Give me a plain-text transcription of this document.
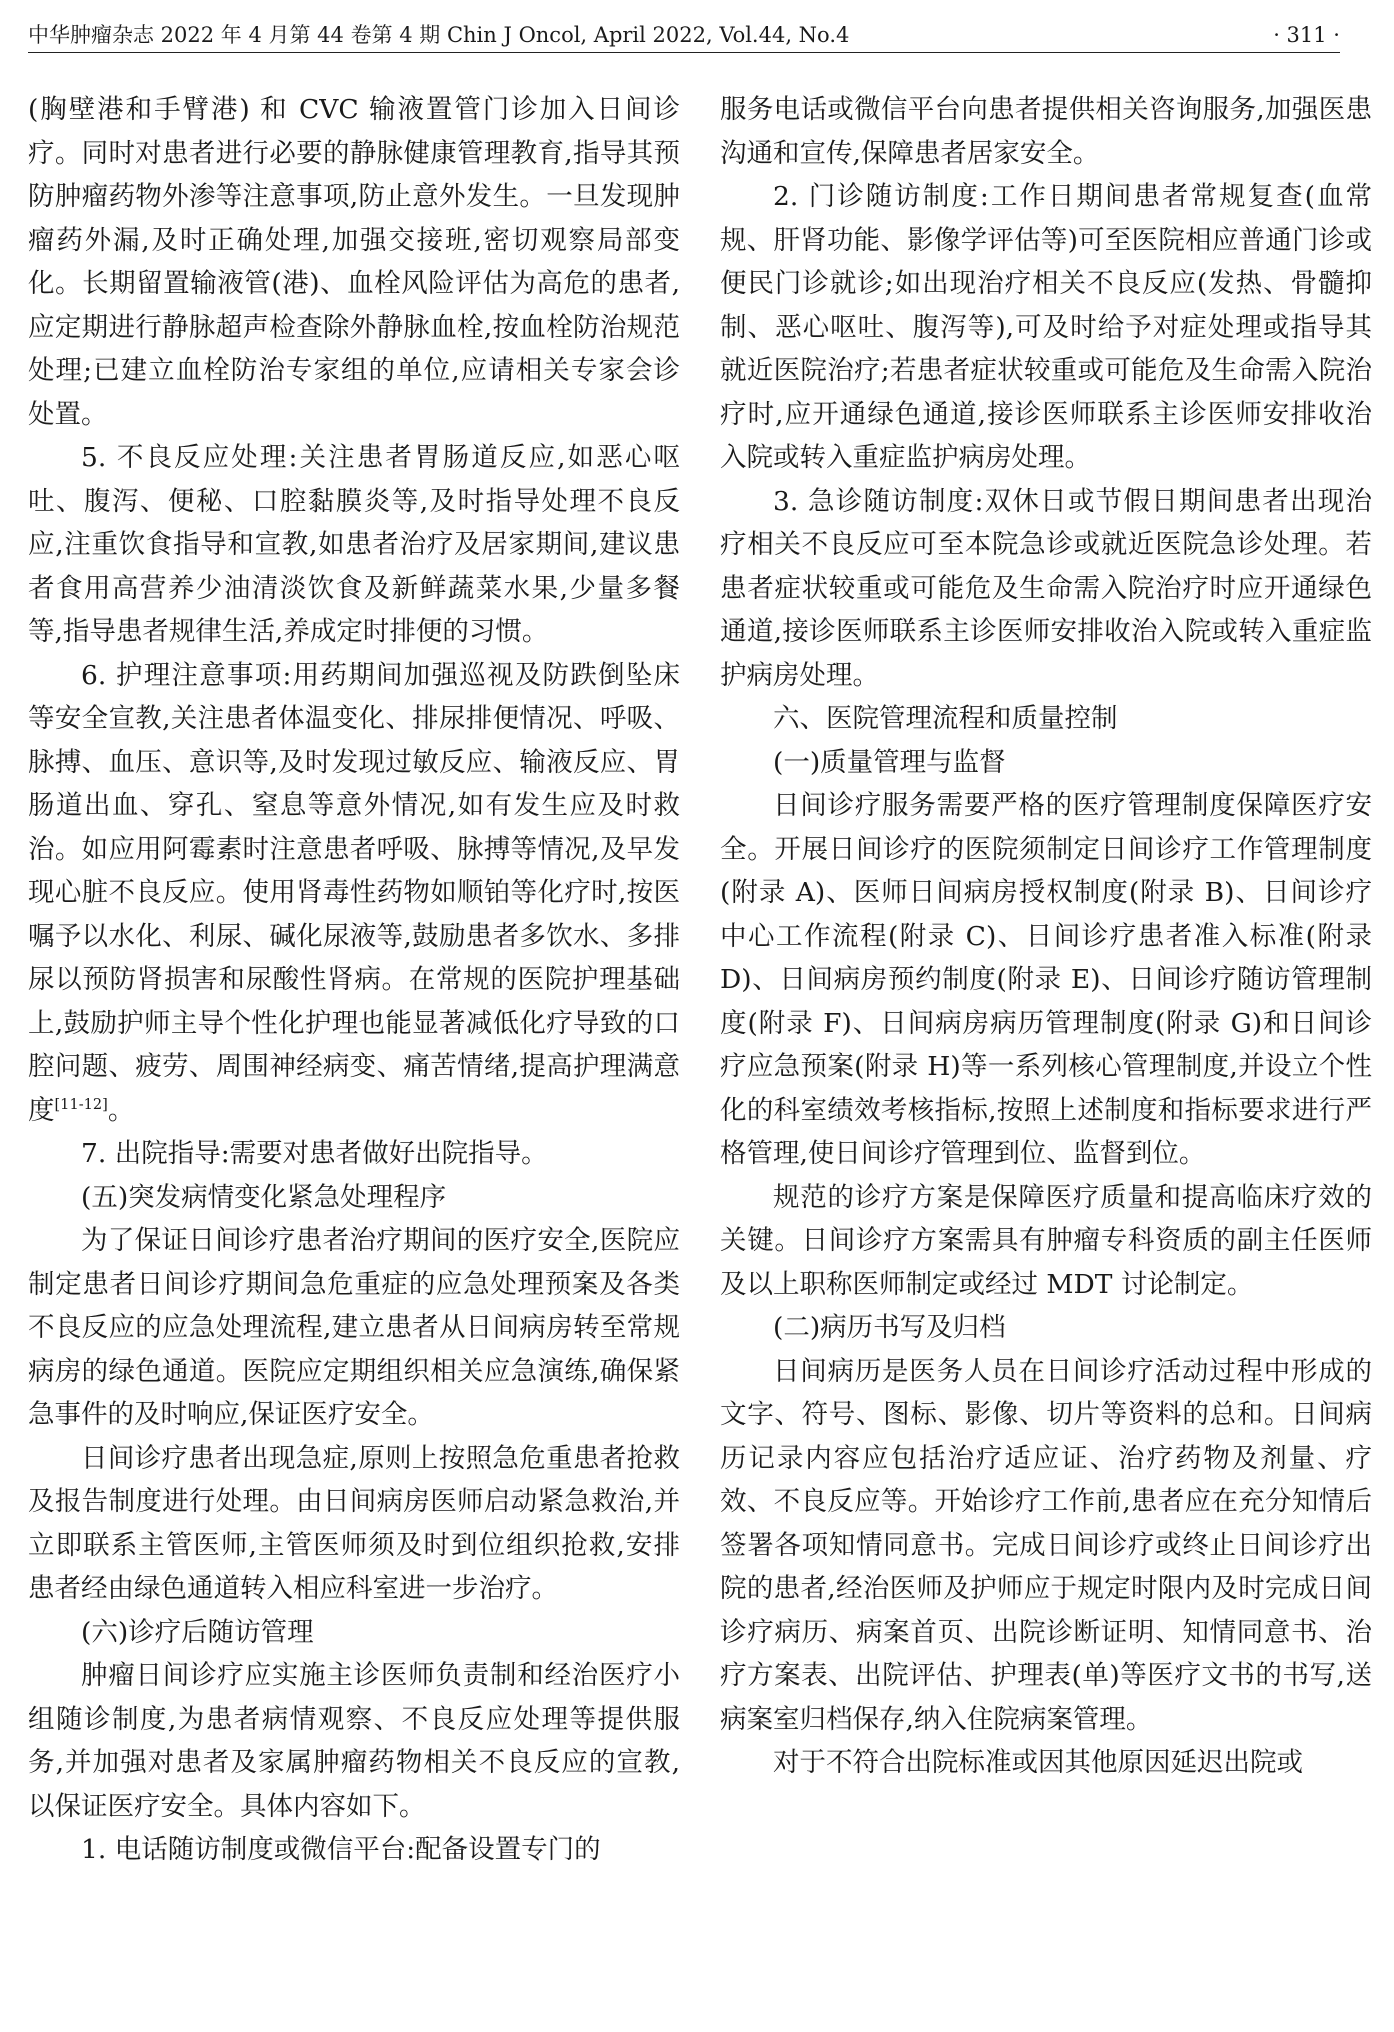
中华肿瘤杂志 2022 年 4 月第 44 卷第 4 期 Chin J Oncol, April 2022, Vol.44, No.4	· 311 ·

(胸壁港和手臂港) 和 CVC 输液置管门诊加入日间诊疗。同时对患者进行必要的静脉健康管理教育,指导其预防肿瘤药物外渗等注意事项,防止意外发生。一旦发现肿瘤药外漏,及时正确处理,加强交接班,密切观察局部变化。长期留置输液管(港)、血栓风险评估为高危的患者,应定期进行静脉超声检查除外静脉血栓,按血栓防治规范处理;已建立血栓防治专家组的单位,应请相关专家会诊处置。

5. 不良反应处理:关注患者胃肠道反应,如恶心呕吐、腹泻、便秘、口腔黏膜炎等,及时指导处理不良反应,注重饮食指导和宣教,如患者治疗及居家期间,建议患者食用高营养少油清淡饮食及新鲜蔬菜水果,少量多餐等,指导患者规律生活,养成定时排便的习惯。

6. 护理注意事项:用药期间加强巡视及防跌倒坠床等安全宣教,关注患者体温变化、排尿排便情况、呼吸、脉搏、血压、意识等,及时发现过敏反应、输液反应、胃肠道出血、穿孔、窒息等意外情况,如有发生应及时救治。如应用阿霉素时注意患者呼吸、脉搏等情况,及早发现心脏不良反应。使用肾毒性药物如顺铂等化疗时,按医嘱予以水化、利尿、碱化尿液等,鼓励患者多饮水、多排尿以预防肾损害和尿酸性肾病。在常规的医院护理基础上,鼓励护师主导个性化护理也能显著减低化疗导致的口腔问题、疲劳、周围神经病变、痛苦情绪,提高护理满意度[11-12]。

7. 出院指导:需要对患者做好出院指导。

(五)突发病情变化紧急处理程序

为了保证日间诊疗患者治疗期间的医疗安全,医院应制定患者日间诊疗期间急危重症的应急处理预案及各类不良反应的应急处理流程,建立患者从日间病房转至常规病房的绿色通道。医院应定期组织相关应急演练,确保紧急事件的及时响应,保证医疗安全。

日间诊疗患者出现急症,原则上按照急危重患者抢救及报告制度进行处理。由日间病房医师启动紧急救治,并立即联系主管医师,主管医师须及时到位组织抢救,安排患者经由绿色通道转入相应科室进一步治疗。

(六)诊疗后随访管理

肿瘤日间诊疗应实施主诊医师负责制和经治医疗小组随诊制度,为患者病情观察、不良反应处理等提供服务,并加强对患者及家属肿瘤药物相关不良反应的宣教,以保证医疗安全。具体内容如下。

1. 电话随访制度或微信平台:配备设置专门的

服务电话或微信平台向患者提供相关咨询服务,加强医患沟通和宣传,保障患者居家安全。

2. 门诊随访制度:工作日期间患者常规复查(血常规、肝肾功能、影像学评估等)可至医院相应普通门诊或便民门诊就诊;如出现治疗相关不良反应(发热、骨髓抑制、恶心呕吐、腹泻等),可及时给予对症处理或指导其就近医院治疗;若患者症状较重或可能危及生命需入院治疗时,应开通绿色通道,接诊医师联系主诊医师安排收治入院或转入重症监护病房处理。

3. 急诊随访制度:双休日或节假日期间患者出现治疗相关不良反应可至本院急诊或就近医院急诊处理。若患者症状较重或可能危及生命需入院治疗时应开通绿色通道,接诊医师联系主诊医师安排收治入院或转入重症监护病房处理。

六、医院管理流程和质量控制

(一)质量管理与监督

日间诊疗服务需要严格的医疗管理制度保障医疗安全。开展日间诊疗的医院须制定日间诊疗工作管理制度(附录 A)、医师日间病房授权制度(附录 B)、日间诊疗中心工作流程(附录 C)、日间诊疗患者准入标准(附录 D)、日间病房预约制度(附录 E)、日间诊疗随访管理制度(附录 F)、日间病房病历管理制度(附录 G)和日间诊疗应急预案(附录 H)等一系列核心管理制度,并设立个性化的科室绩效考核指标,按照上述制度和指标要求进行严格管理,使日间诊疗管理到位、监督到位。

规范的诊疗方案是保障医疗质量和提高临床疗效的关键。日间诊疗方案需具有肿瘤专科资质的副主任医师及以上职称医师制定或经过 MDT 讨论制定。

(二)病历书写及归档

日间病历是医务人员在日间诊疗活动过程中形成的文字、符号、图标、影像、切片等资料的总和。日间病历记录内容应包括治疗适应证、治疗药物及剂量、疗效、不良反应等。开始诊疗工作前,患者应在充分知情后签署各项知情同意书。完成日间诊疗或终止日间诊疗出院的患者,经治医师及护师应于规定时限内及时完成日间诊疗病历、病案首页、出院诊断证明、知情同意书、治疗方案表、出院评估、护理表(单)等医疗文书的书写,送病案室归档保存,纳入住院病案管理。

对于不符合出院标准或因其他原因延迟出院或
